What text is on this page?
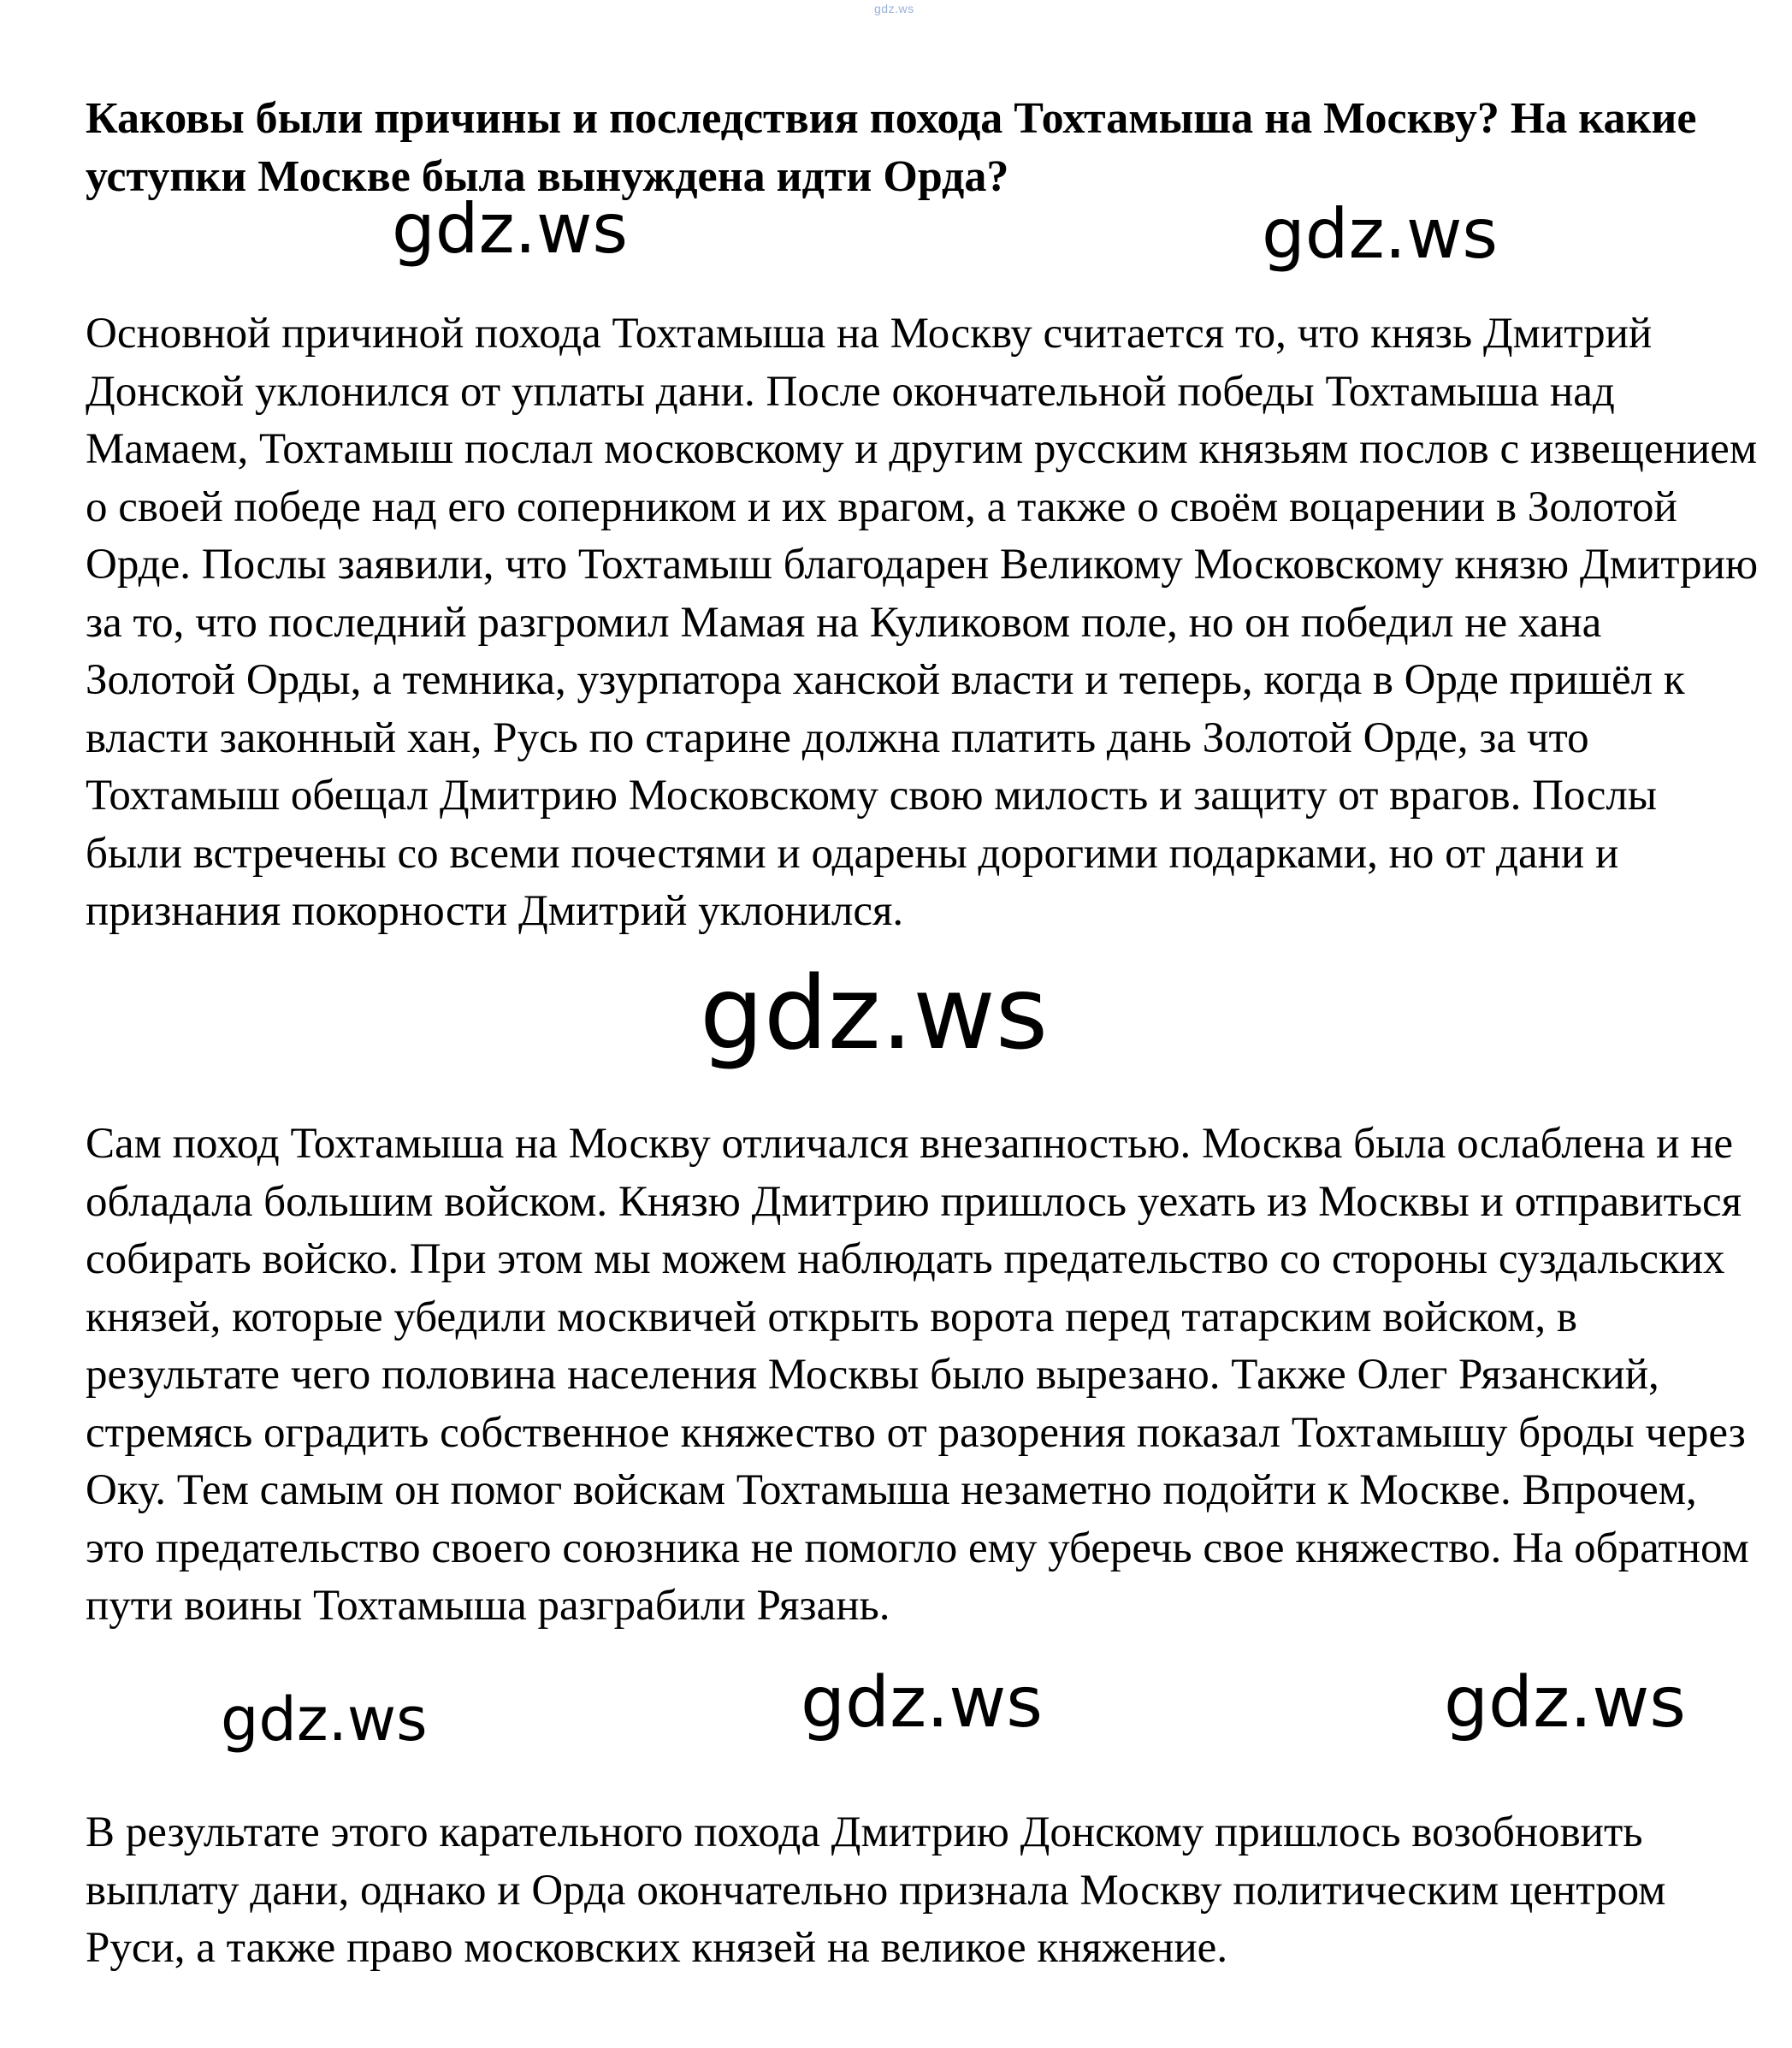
gdz.ws
Каковы были причины и последствия похода Тохтамыша на Москву? На какие уступки Москве была вынуждена идти Орда?

Основной причиной похода Тохтамыша на Москву считается то, что князь Дмитрий Донской уклонился от уплаты дани. После окончательной победы Тохтамыша над Мамаем, Тохтамыш послал московскому и другим русским князьям послов с извещением о своей победе над его соперником и их врагом, а также о своём воцарении в Золотой Орде. Послы заявили, что Тохтамыш благодарен Великому Московскому князю Дмитрию за то, что последний разгромил Мамая на Куликовом поле, но он победил не хана Золотой Орды, а темника, узурпатора ханской власти и теперь, когда в Орде пришёл к власти законный хан, Русь по старине должна платить дань Золотой Орде, за что Тохтамыш обещал Дмитрию Московскому свою милость и защиту от врагов. Послы были встречены со всеми почестями и одарены дорогими подарками, но от дани и признания покорности Дмитрий уклонился.

Сам поход Тохтамыша на Москву отличался внезапностью. Москва была ослаблена и не обладала большим войском. Князю Дмитрию пришлось уехать из Москвы и отправиться собирать войско. При этом мы можем наблюдать предательство со стороны суздальских князей, которые убедили москвичей открыть ворота перед татарским войском, в результате чего половина населения Москвы было вырезано. Также Олег Рязанский, стремясь оградить собственное княжество от разорения показал Тохтамышу броды через Оку. Тем самым он помог войскам Тохтамыша незаметно подойти к Москве. Впрочем, это предательство своего союзника не помогло ему уберечь свое княжество. На обратном пути воины Тохтамыша разграбили Рязань.

В результате этого карательного похода Дмитрию Донскому пришлось возобновить выплату дани, однако и Орда окончательно признала Москву политическим центром Руси, а также право московских князей на великое княжение.

gdz.ws	gdz.ws
gdz.ws
gdz.ws	gdz.ws	gdz.ws
